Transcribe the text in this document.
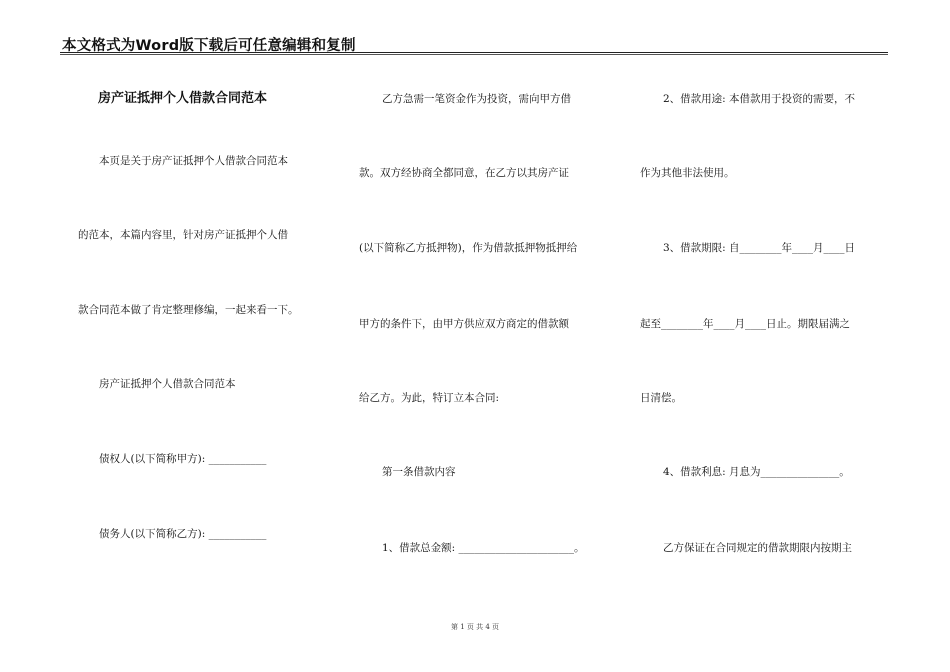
本文格式为Word版下载后可任意编辑和复制
房产证抵押个人借款合同范本
本页是关于房产证抵押个人借款合同范本
的范本，本篇内容里，针对房产证抵押个人借
款合同范本做了肯定整理修编，一起来看一下。
房产证抵押个人借款合同范本
债权人(以下简称甲方): ___________
债务人(以下简称乙方): ___________
乙方急需一笔资金作为投资，需向甲方借
款。双方经协商全都同意，在乙方以其房产证
(以下简称乙方抵押物)，作为借款抵押物抵押给
甲方的条件下，由甲方供应双方商定的借款额
给乙方。为此，特订立本合同:
第一条借款内容
1、借款总金额: ______________________。
2、借款用途: 本借款用于投资的需要，不
作为其他非法使用。
3、借款期限: 自________年____月____日
起至________年____月____日止。期限届满之
日清偿。
4、借款利息: 月息为_______________。
乙方保证在合同规定的借款期限内按期主
第 1 页 共 4 页
